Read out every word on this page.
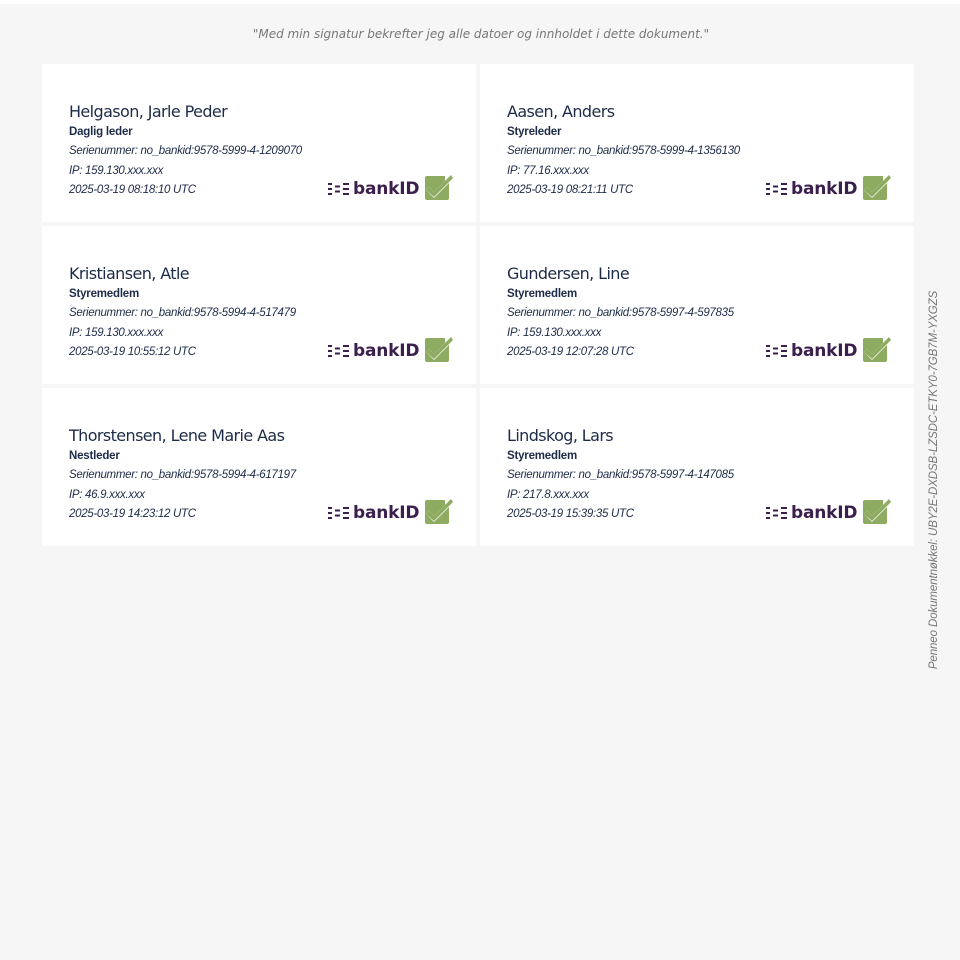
"Med min signatur bekrefter jeg alle datoer og innholdet i dette dokument."
Helgason, Jarle Peder
Daglig leder
Serienummer: no_bankid:9578-5999-4-1209070
IP: 159.130.xxx.xxx
2025-03-19 08:18:10 UTC	bankID
Aasen, Anders
Styreleder
Serienummer: no_bankid:9578-5999-4-1356130
IP: 77.16.xxx.xxx
2025-03-19 08:21:11 UTC	bankID
Kristiansen, Atle
Styremedlem
Serienummer: no_bankid:9578-5994-4-517479
IP: 159.130.xxx.xxx
2025-03-19 10:55:12 UTC	bankID
Gundersen, Line
Styremedlem
Serienummer: no_bankid:9578-5997-4-597835
IP: 159.130.xxx.xxx
2025-03-19 12:07:28 UTC	bankID
Thorstensen, Lene Marie Aas
Nestleder
Serienummer: no_bankid:9578-5994-4-617197
IP: 46.9.xxx.xxx
2025-03-19 14:23:12 UTC	bankID
Lindskog, Lars
Styremedlem
Serienummer: no_bankid:9578-5997-4-147085
IP: 217.8.xxx.xxx
2025-03-19 15:39:35 UTC	bankID	Penneo Dokumentnøkkel: UBY2E-DXDSB-LZSDC-ETKY0-7GB7M-YXGZS
